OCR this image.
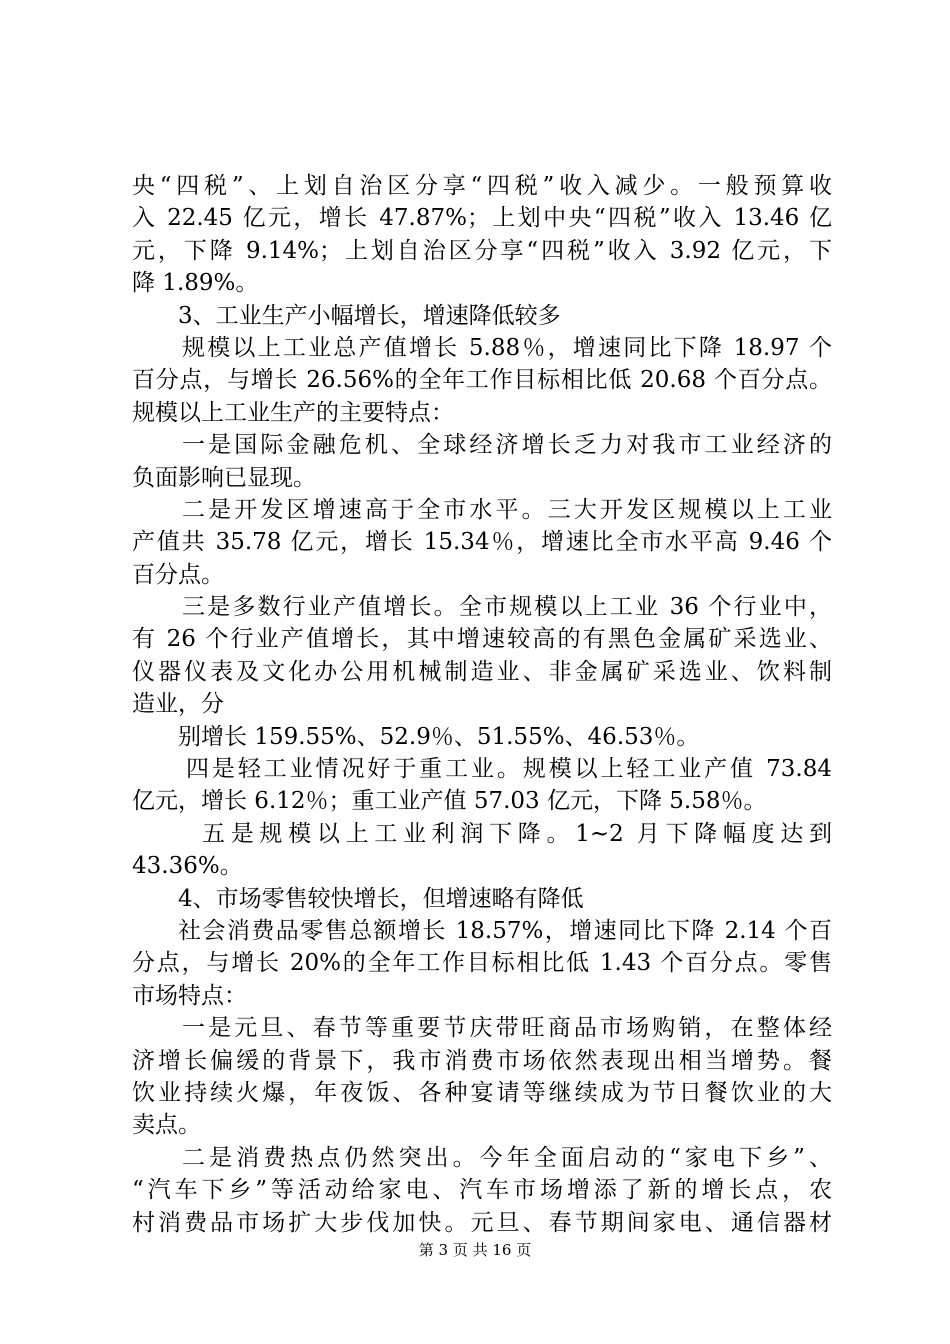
央“四税”、上划自治区分享“四税”收入减少。一般预算收
入 22.45 亿元，增长 47.87%；上划中央“四税”收入 13.46 亿
元，下降 9.14%；上划自治区分享“四税”收入 3.92 亿元，下
降 1.89%。
3、工业生产小幅增长，增速降低较多
规模以上工业总产值增长 5.88％，增速同比下降 18.97 个
百分点，与增长 26.56%的全年工作目标相比低 20.68 个百分点。
规模以上工业生产的主要特点：
一是国际金融危机、全球经济增长乏力对我市工业经济的
负面影响已显现。
二是开发区增速高于全市水平。三大开发区规模以上工业
产值共 35.78 亿元，增长 15.34％，增速比全市水平高 9.46 个
百分点。
三是多数行业产值增长。全市规模以上工业 36 个行业中，
有 26 个行业产值增长，其中增速较高的有黑色金属矿采选业、
仪器仪表及文化办公用机械制造业、非金属矿采选业、饮料制
造业，分
别增长 159.55%、52.9％、51.55%、46.53％。
四是轻工业情况好于重工业。规模以上轻工业产值 73.84
亿元，增长 6.12％；重工业产值 57.03 亿元，下降 5.58％。
五是规模以上工业利润下降。1~2 月下降幅度达到
43.36%。
4、市场零售较快增长，但增速略有降低
社会消费品零售总额增长 18.57%，增速同比下降 2.14 个百
分点，与增长 20%的全年工作目标相比低 1.43 个百分点。零售
市场特点：
一是元旦、春节等重要节庆带旺商品市场购销，在整体经
济增长偏缓的背景下，我市消费市场依然表现出相当增势。餐
饮业持续火爆，年夜饭、各种宴请等继续成为节日餐饮业的大
卖点。
二是消费热点仍然突出。今年全面启动的“家电下乡”、
“汽车下乡”等活动给家电、汽车市场增添了新的增长点，农
村消费品市场扩大步伐加快。元旦、春节期间家电、通信器材
第 3 页 共 16 页
